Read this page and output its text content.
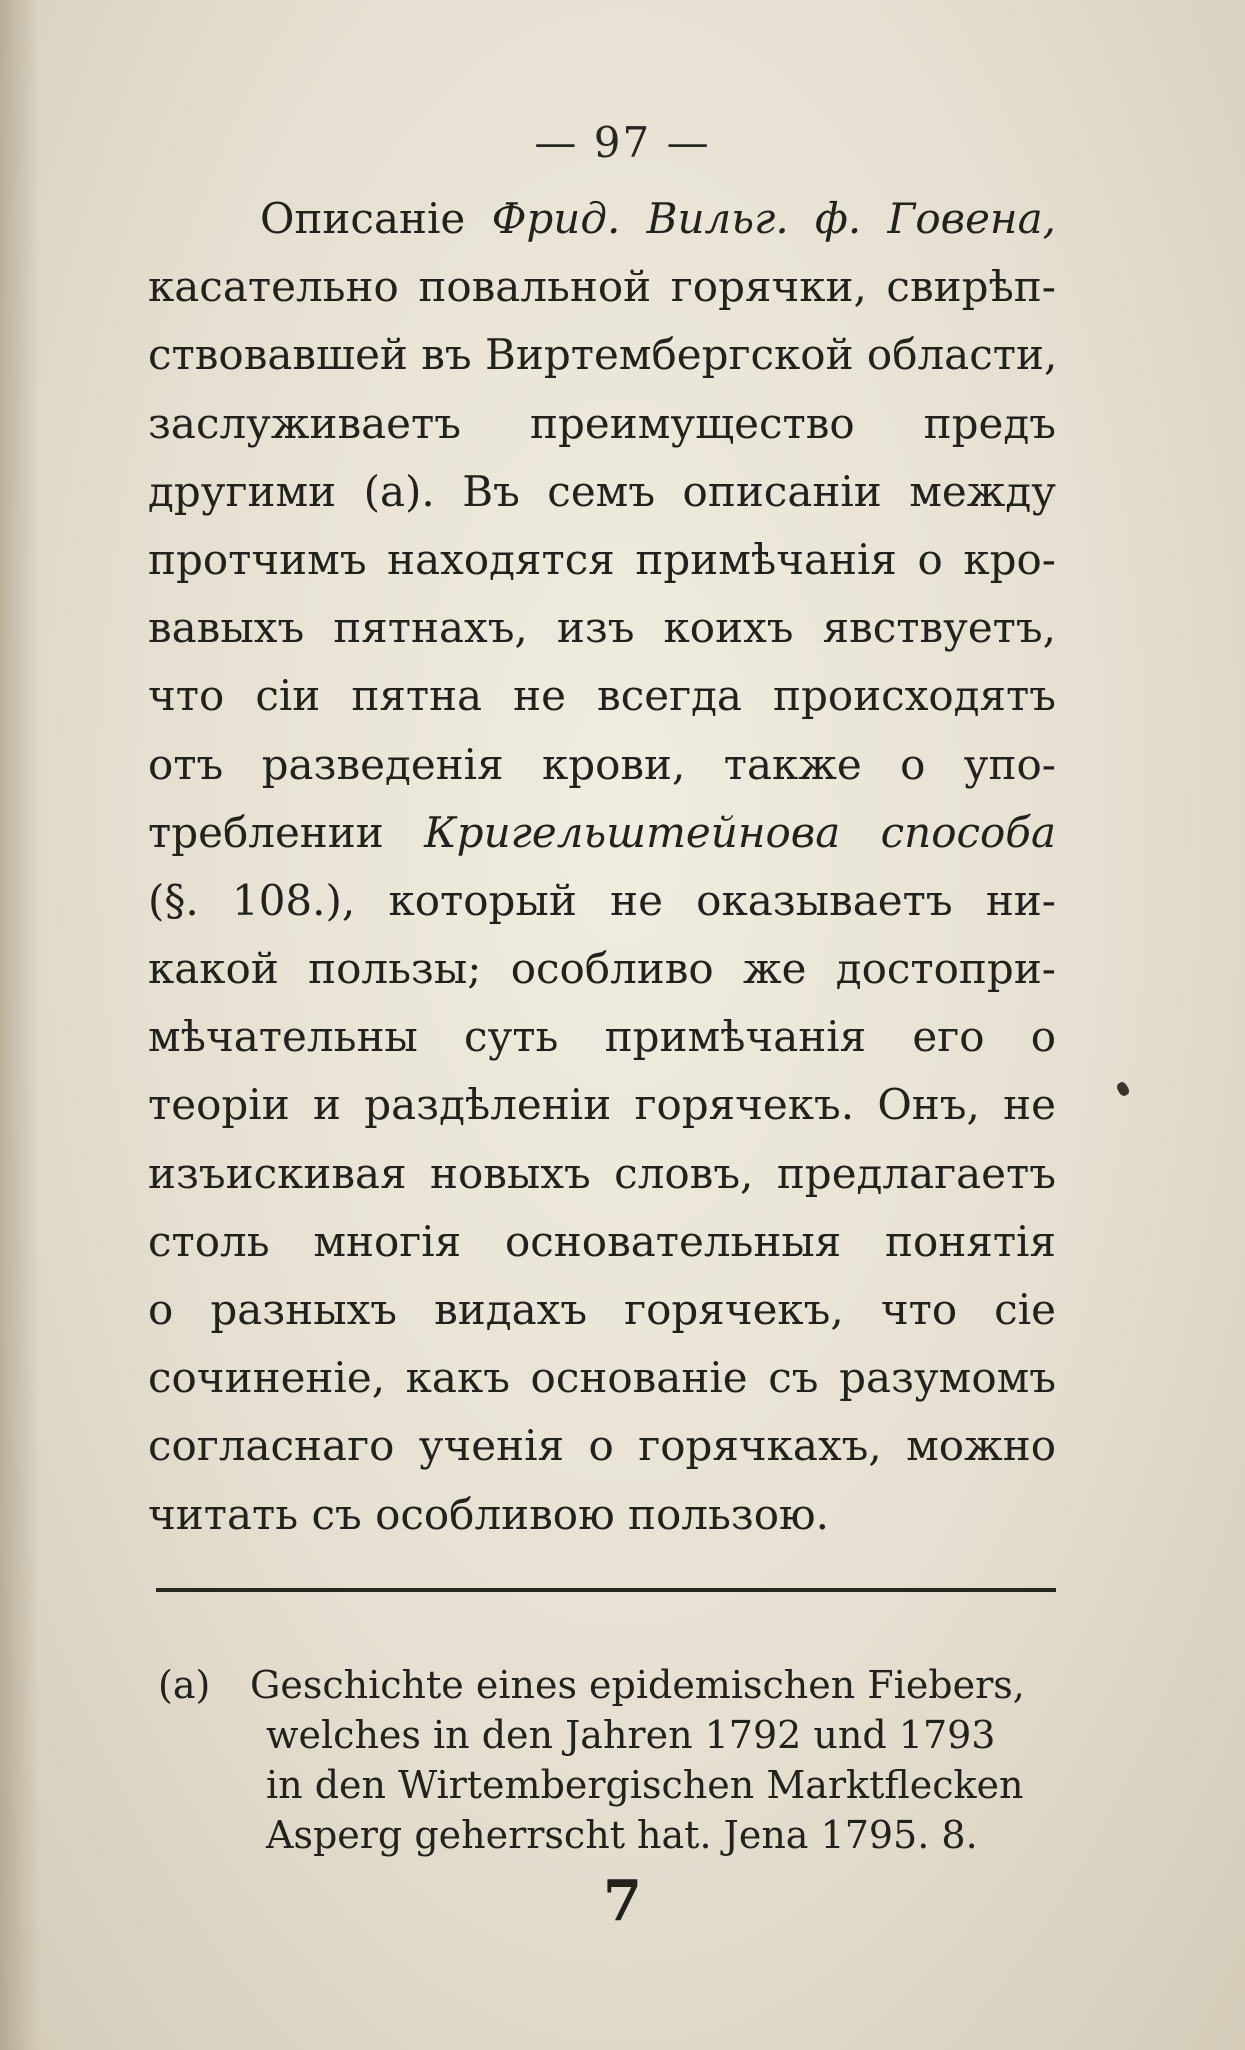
— 97 —
Описаніе Фрид. Вильг. ф. Говена,
касательно повальной горячки, свирѣп-
ствовавшей въ Виртембергской области,
заслуживаетъ преимущество предъ
другими (а). Въ семъ описаніи между
протчимъ находятся примѣчанія о кро-
вавыхъ пятнахъ, изъ коихъ явствуетъ,
что сіи пятна не всегда происходятъ
отъ разведенія крови, также о упо-
треблении Кригельштейнова способа
(§. 108.), который не оказываетъ ни-
какой пользы; особливо же достопри-
мѣчательны суть примѣчанія его о
теоріи и раздѣленіи горячекъ. Онъ, не
изъискивая новыхъ словъ, предлагаетъ
столь многія основательныя понятія
о разныхъ видахъ горячекъ, что сіе
сочиненіе, какъ основаніе съ разумомъ
согласнаго ученія о горячкахъ, можно
читать съ особливою пользою.
(a) Geschichte eines epidemischen Fiebers,
welches in den Jahren 1792 und 1793
in den Wirtembergischen Marktflecken
Asperg geherrscht hat. Jena 1795. 8.
7
